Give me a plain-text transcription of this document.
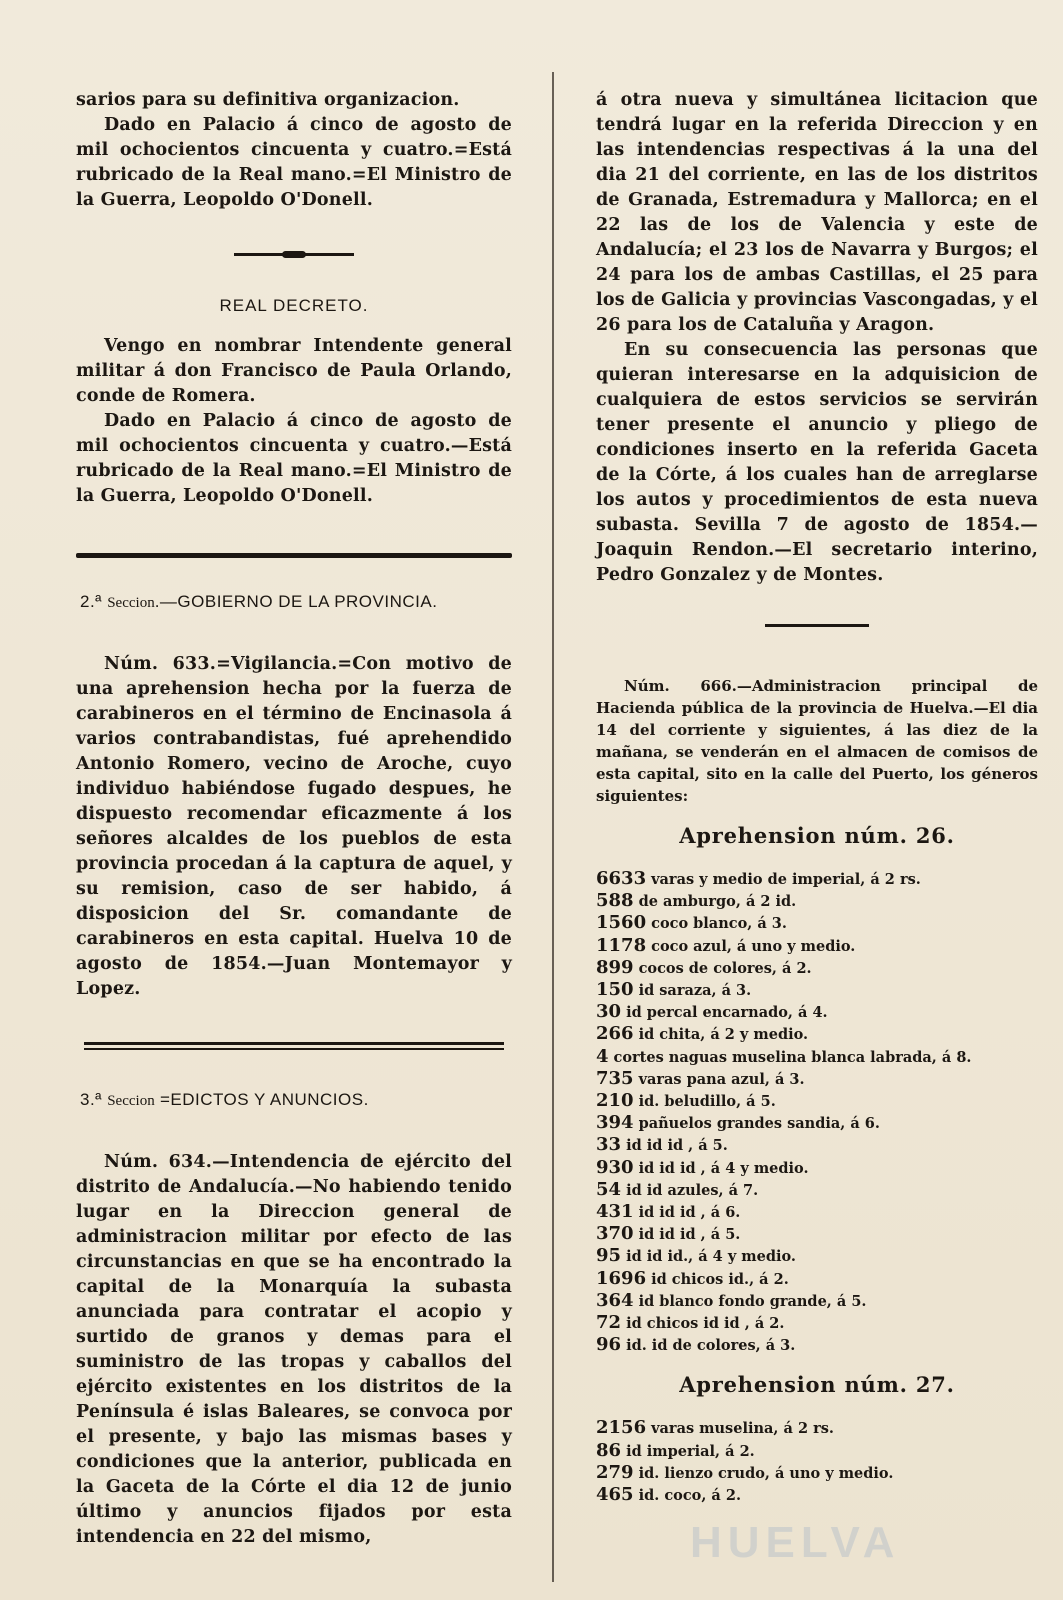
sarios para su definitiva organizacion.

Dado en Palacio á cinco de agosto de mil ochocientos cincuenta y cuatro.=Está rubricado de la Real mano.=El Ministro de la Guerra, Leopoldo O'Donell.

REAL DECRETO.

Vengo en nombrar Intendente general militar á don Francisco de Paula Orlando, conde de Romera.

Dado en Palacio á cinco de agosto de mil ochocientos cincuenta y cuatro.—Está rubricado de la Real mano.=El Ministro de la Guerra, Leopoldo O'Donell.

2.ª Seccion.—GOBIERNO DE LA PROVINCIA.

Núm. 633.=Vigilancia.=Con motivo de una aprehension hecha por la fuerza de carabineros en el término de Encinasola á varios contrabandistas, fué aprehendido Antonio Romero, vecino de Aroche, cuyo individuo habiéndose fugado despues, he dispuesto recomendar eficazmente á los señores alcaldes de los pueblos de esta provincia procedan á la captura de aquel, y su remision, caso de ser habido, á disposicion del Sr. comandante de carabineros en esta capital. Huelva 10 de agosto de 1854.—Juan Montemayor y Lopez.

3.ª Seccion =EDICTOS Y ANUNCIOS.

Núm. 634.—Intendencia de ejército del distrito de Andalucía.—No habiendo tenido lugar en la Direccion general de administracion militar por efecto de las circunstancias en que se ha encontrado la capital de la Monarquía la subasta anunciada para contratar el acopio y surtido de granos y demas para el suministro de las tropas y caballos del ejército existentes en los distritos de la Península é islas Baleares, se convoca por el presente, y bajo las mismas bases y condiciones que la anterior, publicada en la Gaceta de la Córte el dia 12 de junio último y anuncios fijados por esta intendencia en 22 del mismo,

á otra nueva y simultánea licitacion que tendrá lugar en la referida Direccion y en las intendencias respectivas á la una del dia 21 del corriente, en las de los distritos de Granada, Estremadura y Mallorca; en el 22 las de los de Valencia y este de Andalucía; el 23 los de Navarra y Burgos; el 24 para los de ambas Castillas, el 25 para los de Galicia y provincias Vascongadas, y el 26 para los de Cataluña y Aragon.

En su consecuencia las personas que quieran interesarse en la adquisicion de cualquiera de estos servicios se servirán tener presente el anuncio y pliego de condiciones inserto en la referida Gaceta de la Córte, á los cuales han de arreglarse los autos y procedimientos de esta nueva subasta. Sevilla 7 de agosto de 1854.—Joaquin Rendon.—El secretario interino, Pedro Gonzalez y de Montes.

Núm. 666.—Administracion principal de Hacienda pública de la provincia de Huelva.—El dia 14 del corriente y siguientes, á las diez de la mañana, se venderán en el almacen de comisos de esta capital, sito en la calle del Puerto, los géneros siguientes:

Aprehension núm. 26.
6633 varas y medio de imperial, á 2 rs.
588 de amburgo, á 2 id.
1560 coco blanco, á 3.
1178 coco azul, á uno y medio.
899 cocos de colores, á 2.
150 id saraza, á 3.
30 id percal encarnado, á 4.
266 id chita, á 2 y medio.
4 cortes naguas muselina blanca labrada, á 8.
735 varas pana azul, á 3.
210 id. beludillo, á 5.
394 pañuelos grandes sandia, á 6.
33 id id id , á 5.
930 id id id , á 4 y medio.
54 id id azules, á 7.
431 id id id , á 6.
370 id id id , á 5.
95 id id id., á 4 y medio.
1696 id chicos id., á 2.
364 id blanco fondo grande, á 5.
72 id chicos id id , á 2.
96 id. id de colores, á 3.
Aprehension núm. 27.
2156 varas muselina, á 2 rs.
86 id imperial, á 2.
279 id. lienzo crudo, á uno y medio.
465 id. coco, á 2.
HUELVA
